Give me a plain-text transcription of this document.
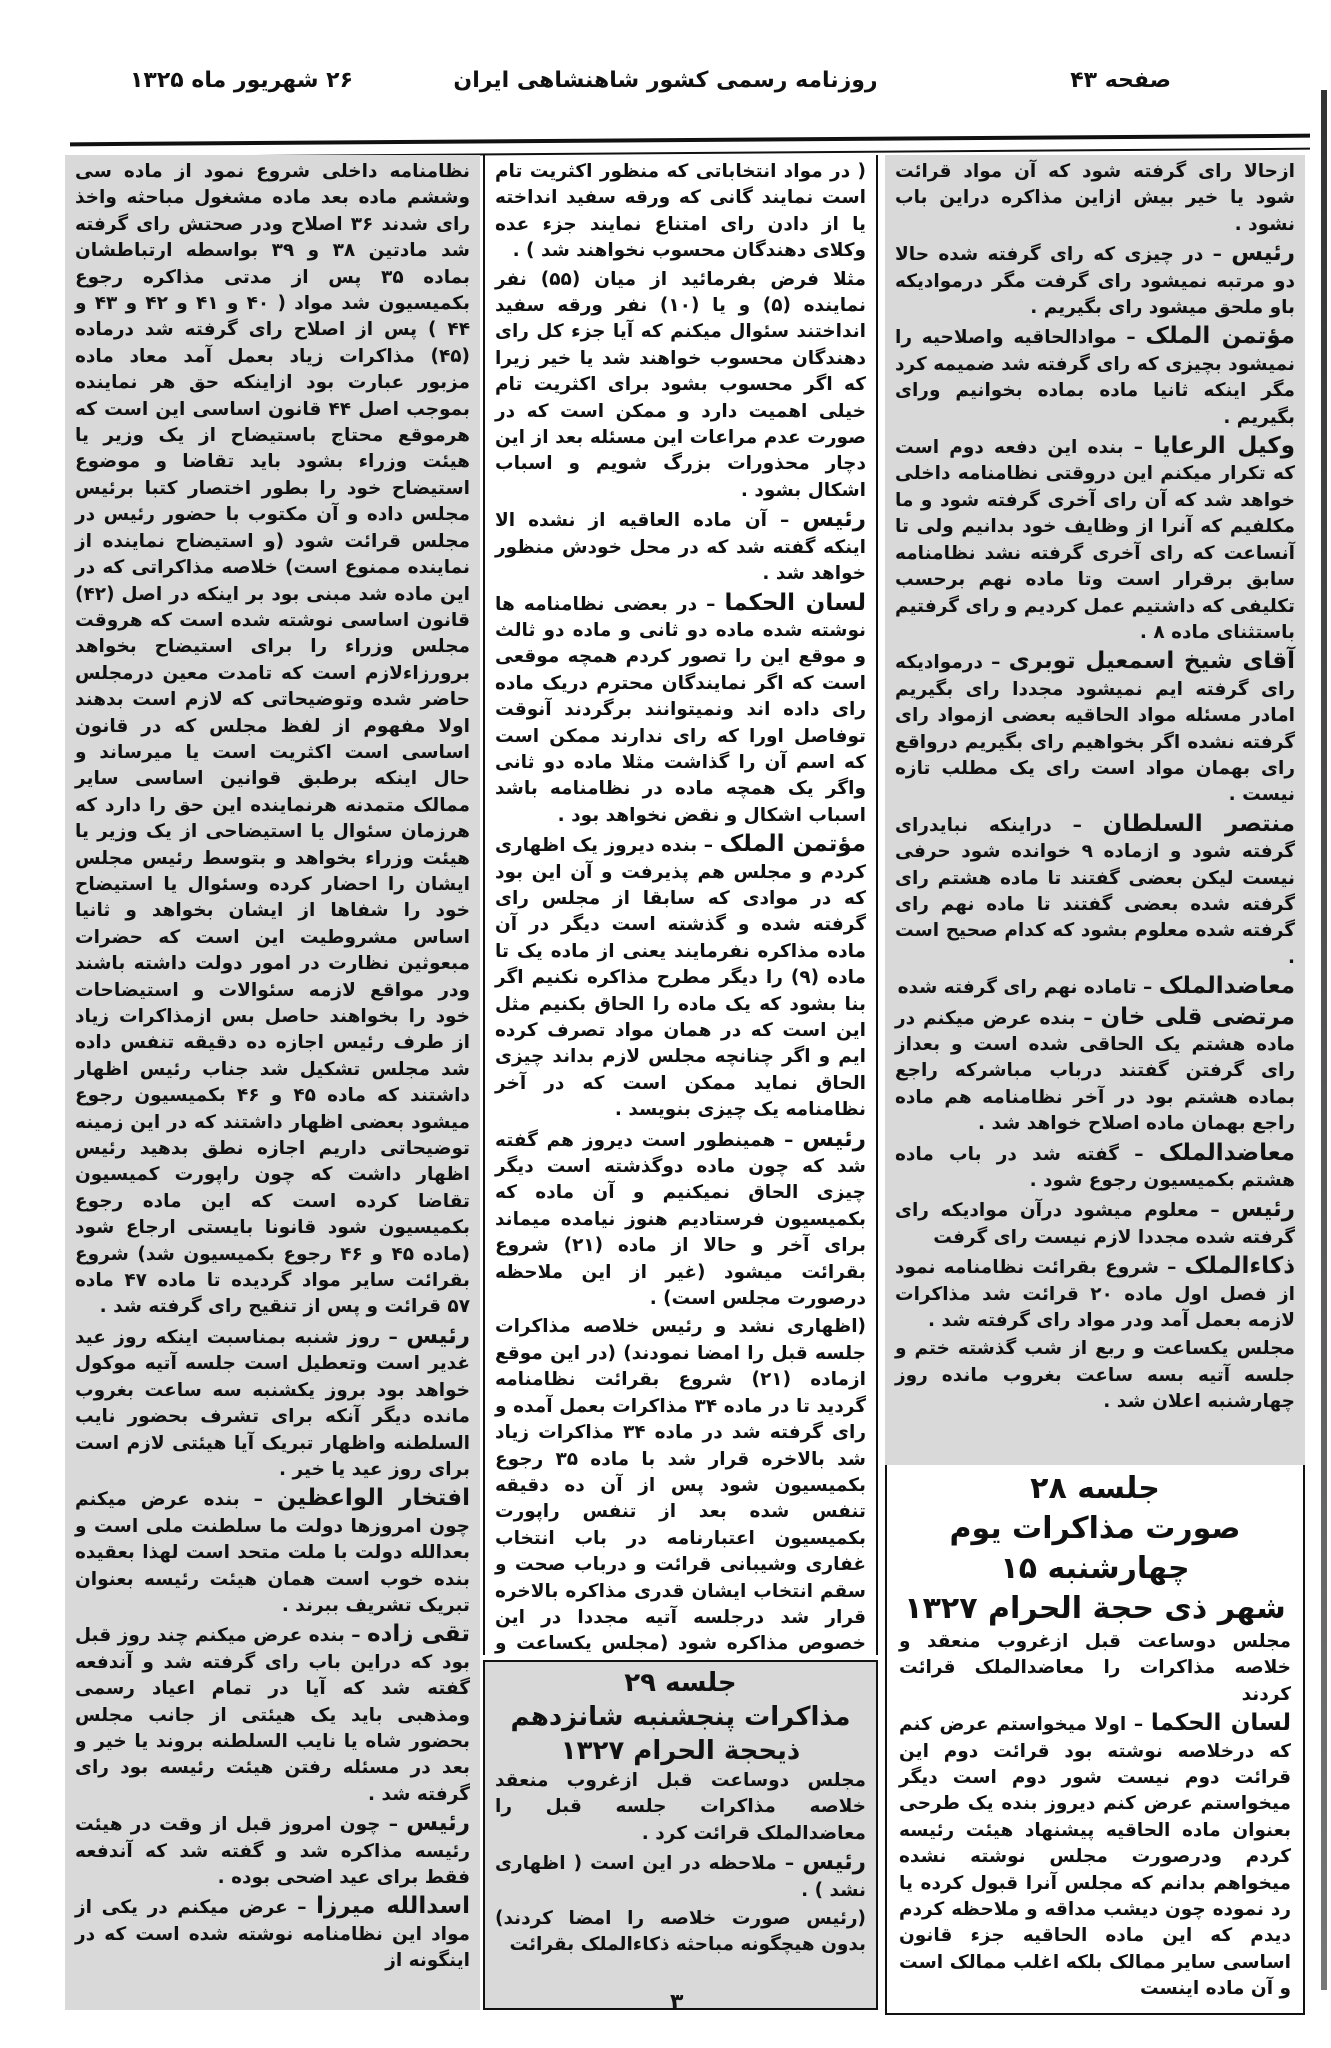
صفحه ۴۳
روزنامه رسمی کشور شاهنشاهی ایران
۲۶ شهریور ماه ۱۳۲۵

ازحالا رای گرفته شود که آن مواد قرائت شود یا خیر بیش ازاین مذاکره دراین باب نشود .

رئیس – در چیزی که رای گرفته شده حالا دو مرتبه نمیشود رای گرفت مگر درموادیکه باو ملحق میشود رای بگیریم .

مؤتمن الملک – موادالحاقیه واصلاحیه را نمیشود بچیزی که رای گرفته شد ضمیمه کرد مگر اینکه ثانیا ماده بماده بخوانیم ورای بگیریم .

وکیل الرعایا – بنده این دفعه دوم است که تکرار میکنم این دروقتی نظامنامه داخلی خواهد شد که آن رای آخری گرفته شود و ما مکلفیم که آنرا از وظایف خود بدانیم ولی تا آنساعت که رای آخری گرفته نشد نظامنامه سابق برقرار است وتا ماده نهم برحسب تکلیفی که داشتیم عمل کردیم و رای گرفتیم باستثنای ماده ۸ .

آقای شیخ اسمعیل توبری – درموادیکه رای گرفته ایم نمیشود مجددا رای بگیریم امادر مسئله مواد الحاقیه بعضی ازمواد رای گرفته نشده اگر بخواهیم رای بگیریم درواقع رای بهمان مواد است رای یک مطلب تازه نیست .

منتصر السلطان – دراینکه نبایدرای گرفته شود و ازماده ۹ خوانده شود حرفی نیست لیکن بعضی گفتند تا ماده هشتم رای گرفته شده بعضی گفتند تا ماده نهم رای گرفته شده معلوم بشود که کدام صحیح است .

معاضدالملک – تاماده نهم رای گرفته شده

مرتضی قلی خان – بنده عرض میکنم در ماده هشتم یک الحاقی شده است و بعداز رای گرفتن گفتند درباب مباشرکه راجع بماده هشتم بود در آخر نظامنامه هم ماده راجع بهمان ماده اصلاح خواهد شد .

معاضدالملک – گفته شد در باب ماده هشتم بکمیسیون رجوع شود .

رئیس – معلوم میشود درآن موادیکه رای گرفته شده مجددا لازم نیست رای گرفت

ذکاءالملک – شروع بقرائت نظامنامه نمود از فصل اول ماده ۲۰ قرائت شد مذاکرات لازمه بعمل آمد ودر مواد رای گرفته شد .

مجلس یکساعت و ربع از شب گذشته ختم و جلسه آتیه بسه ساعت بغروب مانده روز چهارشنبه اعلان شد .

جلسه ۲۸
صورت مذاکرات یوم چهارشنبه ۱۵
شهر ذی حجة الحرام ۱۳۲۷

مجلس دوساعت قبل ازغروب منعقد و خلاصه مذاکرات را معاضدالملک قرائت کردند

لسان الحکما – اولا میخواستم عرض کنم که درخلاصه نوشته بود قرائت دوم این قرائت دوم نیست شور دوم است دیگر میخواستم عرض کنم دیروز بنده یک طرحی بعنوان ماده الحاقیه پیشنهاد هیئت رئیسه کردم ودرصورت مجلس نوشته نشده میخواهم بدانم که مجلس آنرا قبول کرده یا رد نموده چون دیشب مداقه و ملاحظه کردم دیدم که این ماده الحاقیه جزء قانون اساسی سایر ممالک بلکه اغلب ممالک است و آن ماده اینست

( در مواد انتخاباتی که منظور اکثریت تام است نمایند گانی که ورقه سفید انداخته یا از دادن رای امتناع نمایند جزء عده وکلای دهندگان محسوب نخواهند شد ) .

مثلا فرض بفرمائید از میان (۵۵) نفر نماینده (۵) و یا (۱۰) نفر ورقه سفید انداختند سئوال میکنم که آیا جزء کل رای دهندگان محسوب خواهند شد یا خیر زیرا که اگر محسوب بشود برای اکثریت تام خیلی اهمیت دارد و ممکن است که در صورت عدم مراعات این مسئله بعد از این دچار محذورات بزرگ شویم و اسباب اشکال بشود .

رئیس – آن ماده العاقیه از نشده الا اینکه گفته شد که در محل خودش منظور خواهد شد .

لسان الحکما – در بعضی نظامنامه ها نوشته شده ماده دو ثانی و ماده دو ثالث و موقع این را تصور کردم همچه موقعی است که اگر نمایندگان محترم دریک ماده رای داده اند ونمیتوانند برگردند آنوقت توفاصل اورا که رای ندارند ممکن است که اسم آن را گذاشت مثلا ماده دو ثانی واگر یک همچه ماده در نظامنامه باشد اسباب اشکال و نقض نخواهد بود .

مؤتمن الملک – بنده دیروز یک اظهاری کردم و مجلس هم پذیرفت و آن این بود که در موادی که سابقا از مجلس رای گرفته شده و گذشته است دیگر در آن ماده مذاکره نفرمایند یعنی از ماده یک تا ماده (۹) را دیگر مطرح مذاکره نکنیم اگر بنا بشود که یک ماده را الحاق بکنیم مثل این است که در همان مواد تصرف کرده ایم و اگر چنانچه مجلس لازم بداند چیزی الحاق نماید ممکن است که در آخر نظامنامه یک چیزی بنویسد .

رئیس – همینطور است دیروز هم گفته شد که چون ماده دوگذشته است دیگر چیزی الحاق نمیکنیم و آن ماده که بکمیسیون فرستادیم هنوز نیامده میماند برای آخر و حالا از ماده (۲۱) شروع بقرائت میشود (غیر از این ملاحظه درصورت مجلس است) .

(اظهاری نشد و رئیس خلاصه مذاکرات جلسه قبل را امضا نمودند) (در این موقع ازماده (۲۱) شروع بقرائت نظامنامه گردید تا در ماده ۳۴ مذاکرات بعمل آمده و رای گرفته شد در ماده ۳۴ مذاکرات زیاد شد بالاخره قرار شد با ماده ۳۵ رجوع بکمیسیون شود پس از آن ده دقیقه تنفس شده بعد از تنفس راپورت بکمیسیون اعتبارنامه در باب انتخاب غفاری وشیبانی قرائت و درباب صحت و سقم انتخاب ایشان قدری مذاکره بالاخره قرار شد درجلسه آتیه مجددا در این خصوص مذاکره شود (مجلس یکساعت و

جلسه ۲۹
مذاکرات پنجشنبه شانزدهم
ذیحجة الحرام ۱۳۲۷

مجلس دوساعت قبل ازغروب منعقد خلاصه مذاکرات جلسه قبل را معاضدالملک قرائت کرد .

رئیس – ملاحظه در این است ( اظهاری نشد ) .

(رئیس صورت خلاصه را امضا کردند) بدون هیچگونه مباحثه ذکاءالملک بقرائت

نظامنامه داخلی شروع نمود از ماده سی وششم ماده بعد ماده مشغول مباحثه واخذ رای شدند ۳۶ اصلاح ودر صحتش رای گرفته شد مادتین ۳۸ و ۳۹ بواسطه ارتباطشان بماده ۳۵ پس از مدتی مذاکره رجوع بکمیسیون شد مواد ( ۴۰ و ۴۱ و ۴۲ و ۴۳ و ۴۴ ) پس از اصلاح رای گرفته شد درماده (۴۵) مذاکرات زیاد بعمل آمد معاد ماده مزبور عبارت بود ازاینکه حق هر نماینده بموجب اصل ۴۴ قانون اساسی این است که هرموقع محتاج باستیضاح از یک وزیر یا هیئت وزراء بشود باید تقاضا و موضوع استیضاح خود را بطور اختصار کتبا برئیس مجلس داده و آن مکتوب با حضور رئیس در مجلس قرائت شود (و استیضاح نماینده از نماینده ممنوع است) خلاصه مذاکراتی که در این ماده شد مبنی بود بر اینکه در اصل (۴۲) قانون اساسی نوشته شده است که هروقت مجلس وزراء را برای استیضاح بخواهد برورزاءلازم است که تامدت معین درمجلس حاضر شده وتوضیحاتی که لازم است بدهند اولا مفهوم از لفظ مجلس که در قانون اساسی است اکثریت است یا میرساند و حال اینکه برطبق قوانین اساسی سایر ممالک متمدنه هرنماینده این حق را دارد که هرزمان سئوال یا استیضاحی از یک وزیر یا هیئت وزراء بخواهد و بتوسط رئیس مجلس ایشان را احضار کرده وسئوال یا استیضاح خود را شفاها از ایشان بخواهد و ثانیا اساس مشروطیت این است که حضرات مبعوثین نظارت در امور دولت داشته باشند ودر مواقع لازمه سئوالات و استیضاحات خود را بخواهند حاصل بس ازمذاکرات زیاد از طرف رئیس اجازه ده دقیقه تنفس داده شد مجلس تشکیل شد جناب رئیس اظهار داشتند که ماده ۴۵ و ۴۶ بکمیسیون رجوع میشود بعضی اظهار داشتند که در این زمینه توضیحاتی داریم اجازه نطق بدهید رئیس اظهار داشت که چون راپورت کمیسیون تقاضا کرده است که این ماده رجوع بکمیسیون شود قانونا بایستی ارجاع شود (ماده ۴۵ و ۴۶ رجوع بکمیسیون شد) شروع بقرائت سایر مواد گردیده تا ماده ۴۷ ماده ۵۷ قرائت و پس از تنقیح رای گرفته شد .

رئیس – روز شنبه بمناسبت اینکه روز عید غدیر است وتعطیل است جلسه آتیه موکول خواهد بود بروز یکشنبه سه ساعت بغروب مانده دیگر آنکه برای تشرف بحضور نایب السلطنه واظهار تبریک آیا هیئتی لازم است برای روز عید یا خیر .

افتخار الواعظین – بنده عرض میکنم چون امروزها دولت ما سلطنت ملی است و بعدالله دولت با ملت متحد است لهذا بعقیده بنده خوب است همان هیئت رئیسه بعنوان تبریک تشریف ببرند .

تقی زاده – بنده عرض میکنم چند روز قبل بود که دراین باب رای گرفته شد و آندفعه گفته شد که آیا در تمام اعیاد رسمی ومذهبی باید یک هیئتی از جانب مجلس بحضور شاه یا نایب السلطنه بروند یا خیر و بعد در مسئله رفتن هیئت رئیسه بود رای گرفته شد .

رئیس – چون امروز قبل از وقت در هیئت رئیسه مذاکره شد و گفته شد که آندفعه فقط برای عید اضحی بوده .

اسدالله میرزا – عرض میکنم در یکی از مواد این نظامنامه نوشته شده است که در اینگونه از

۳
